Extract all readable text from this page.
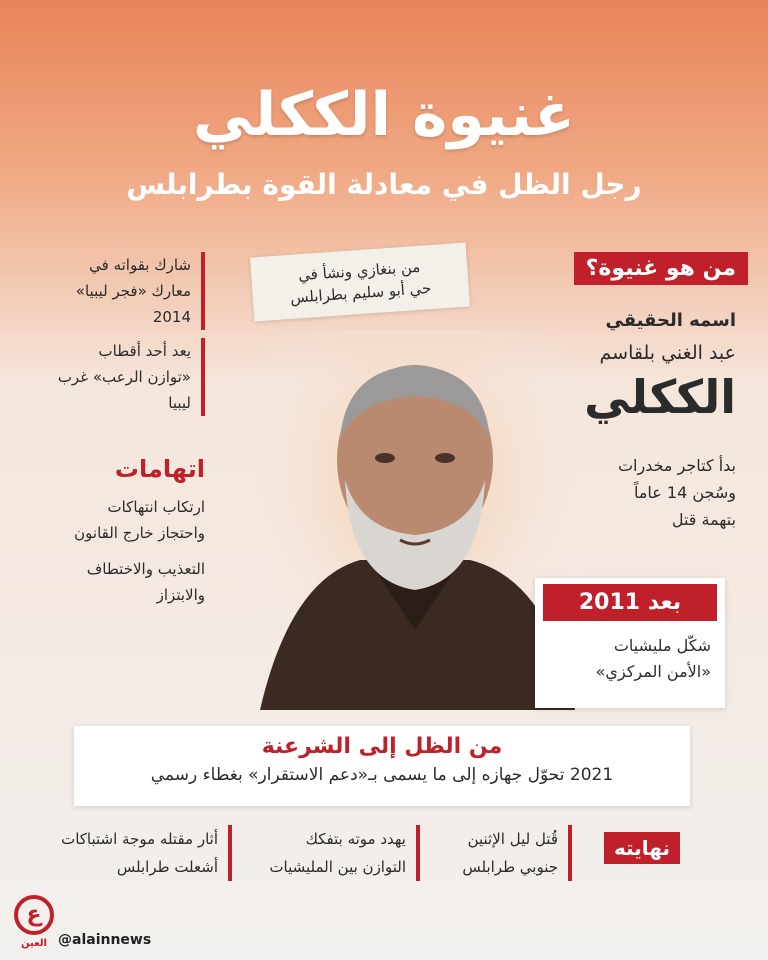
غنيوة الككلي
رجل الظل في معادلة القوة بطرابلس
من هو غنيوة؟
اسمه الحقيقي
عبد الغني بلقاسم
الككلي
بدأ كتاجر مخدرات
وسُجن 14 عاماً
بتهمة قتل
من بنغازي ونشأ في
حي أبو سليم بطرابلس
شارك بقواته في
معارك «فجر ليبيا»
2014
يعد أحد أقطاب
«توازن الرعب» غرب
ليبيا
اتهامات
ارتكاب انتهاكات
واحتجاز خارج القانون
التعذيب والاختطاف
والابتزاز	بعد 2011
شكّل مليشيات
«الأمن المركزي»
من الظل إلى الشرعنة
2021 تحوّل جهازه إلى ما يسمى بـ«دعم الاستقرار» بغطاء رسمي
نهايته
قُتل ليل الإثنين
جنوبي طرابلس
يهدد موته بتفكك
التوازن بين المليشيات
أثار مقتله موجة اشتباكات
أشعلت طرابلس
ع
العين @alainnews
